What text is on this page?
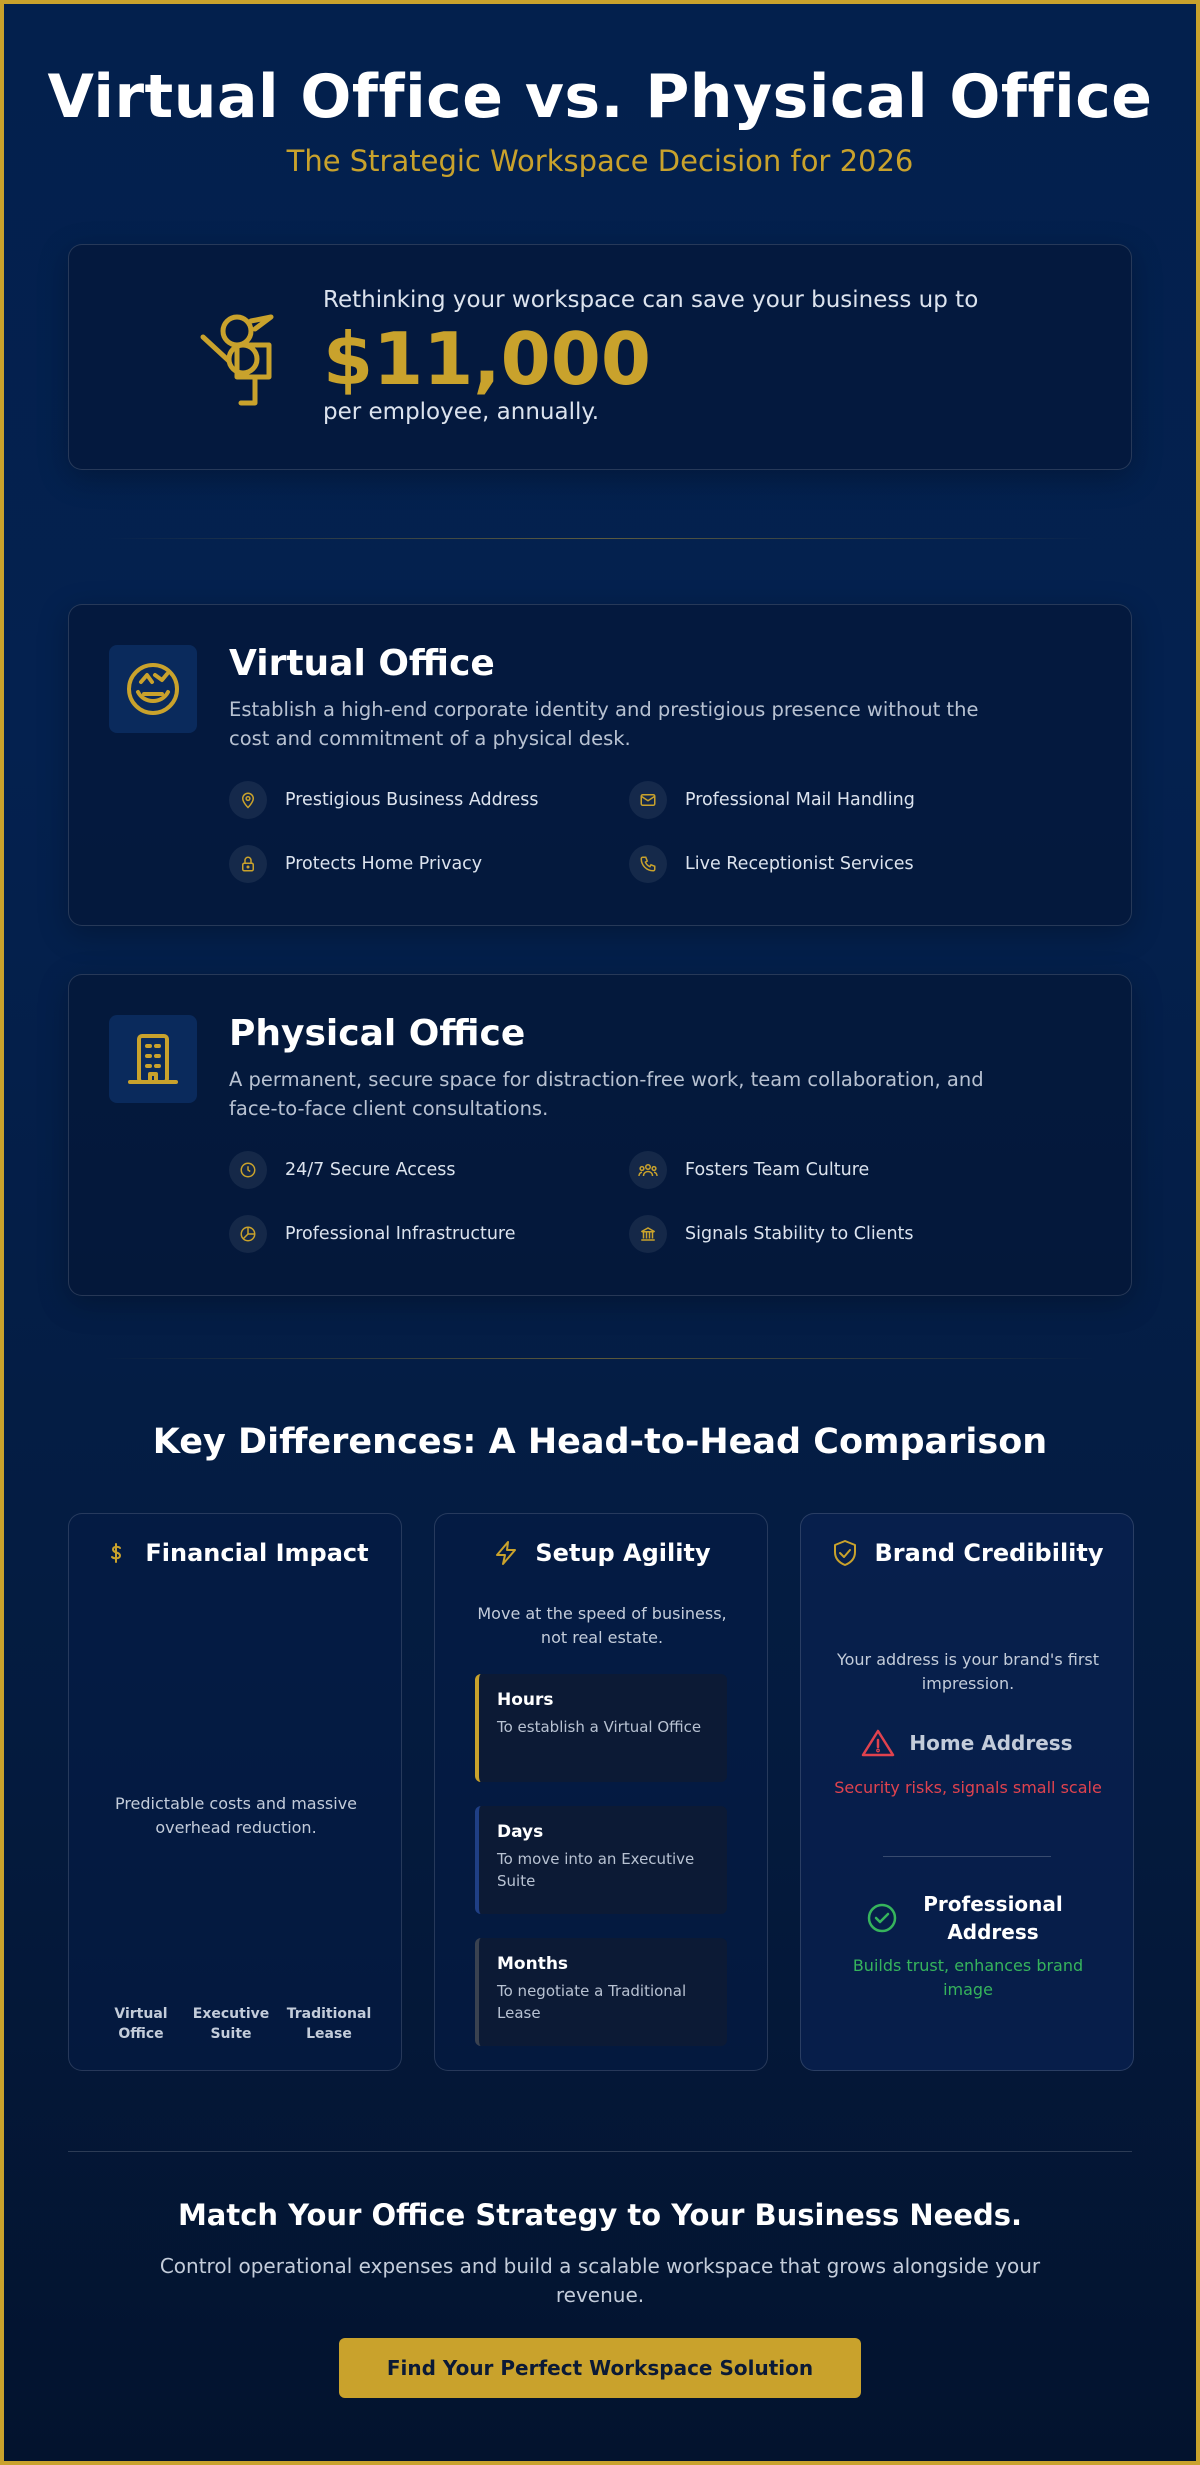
Virtual Office vs. Physical Office
The Strategic Workspace Decision for 2026
Rethinking your workspace can save your business up to
$11,000
per employee, annually.
Virtual Office
Establish a high-end corporate identity and prestigious presence without the cost and commitment of a physical desk.
Prestigious Business Address	Professional Mail Handling
Protects Home Privacy	Live Receptionist Services
Physical Office
A permanent, secure space for distraction-free work, team collaboration, and face-to-face client consultations.
24/7 Secure Access	Fosters Team Culture
Professional Infrastructure	Signals Stability to Clients
Key Differences: A Head-to-Head Comparison
Financial Impact
Predictable costs and massive overhead reduction.
Virtual Office
Executive Suite
Traditional Lease
Setup Agility
Move at the speed of business, not real estate.
Hours
To establish a Virtual Office
Days
To move into an Executive Suite
Months
To negotiate a Traditional Lease
Brand Credibility
Your address is your brand's first impression.
Home Address
Security risks, signals small scale
Professional Address
Builds trust, enhances brand image
Match Your Office Strategy to Your Business Needs.

Control operational expenses and build a scalable workspace that grows alongside your revenue.

Find Your Perfect Workspace Solution
